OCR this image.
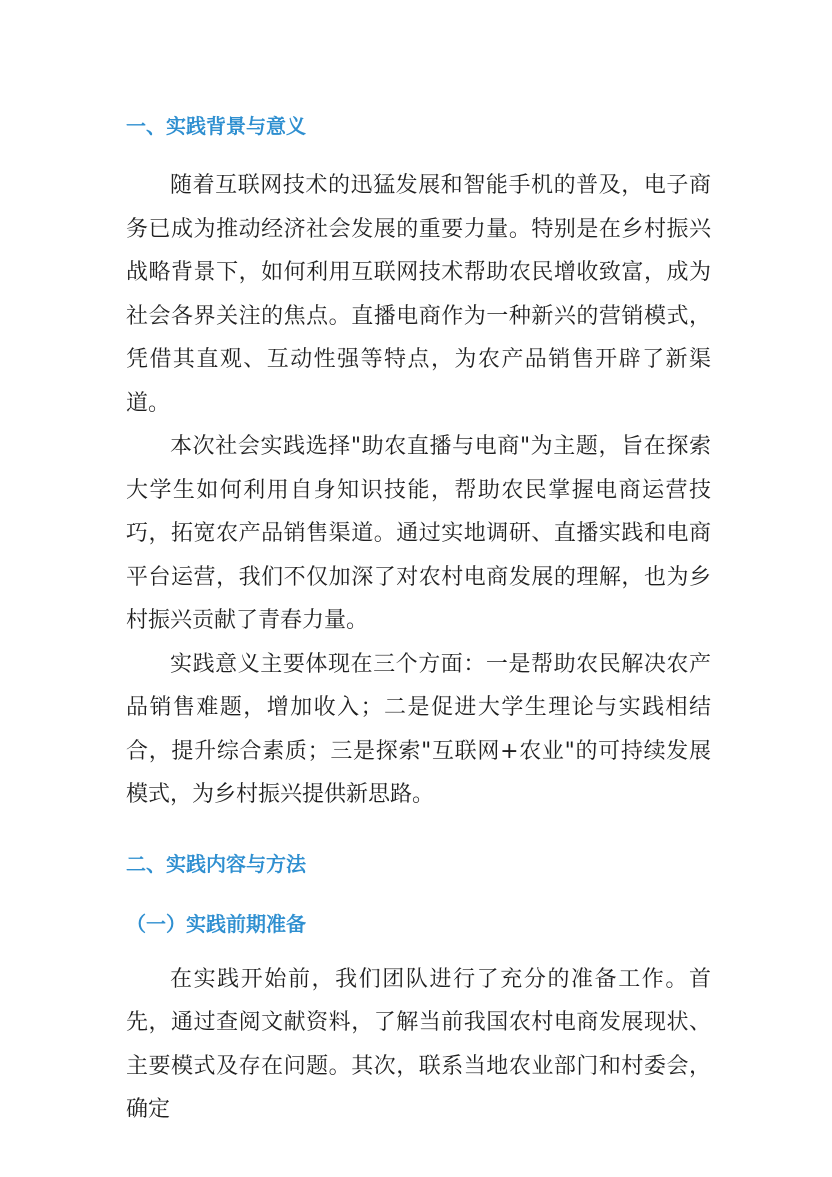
一、实践背景与意义

随着互联网技术的迅猛发展和智能手机的普及，电子商务已成为推动经济社会发展的重要力量。特别是在乡村振兴战略背景下，如何利用互联网技术帮助农民增收致富，成为社会各界关注的焦点。直播电商作为一种新兴的营销模式，凭借其直观、互动性强等特点，为农产品销售开辟了新渠道。

本次社会实践选择"助农直播与电商"为主题，旨在探索大学生如何利用自身知识技能，帮助农民掌握电商运营技巧，拓宽农产品销售渠道。通过实地调研、直播实践和电商平台运营，我们不仅加深了对农村电商发展的理解，也为乡村振兴贡献了青春力量。

实践意义主要体现在三个方面：一是帮助农民解决农产品销售难题，增加收入；二是促进大学生理论与实践相结合，提升综合素质；三是探索"互联网+农业"的可持续发展模式，为乡村振兴提供新思路。

二、实践内容与方法
（一）实践前期准备

在实践开始前，我们团队进行了充分的准备工作。首先，通过查阅文献资料，了解当前我国农村电商发展现状、主要模式及存在问题。其次，联系当地农业部门和村委会，确定
